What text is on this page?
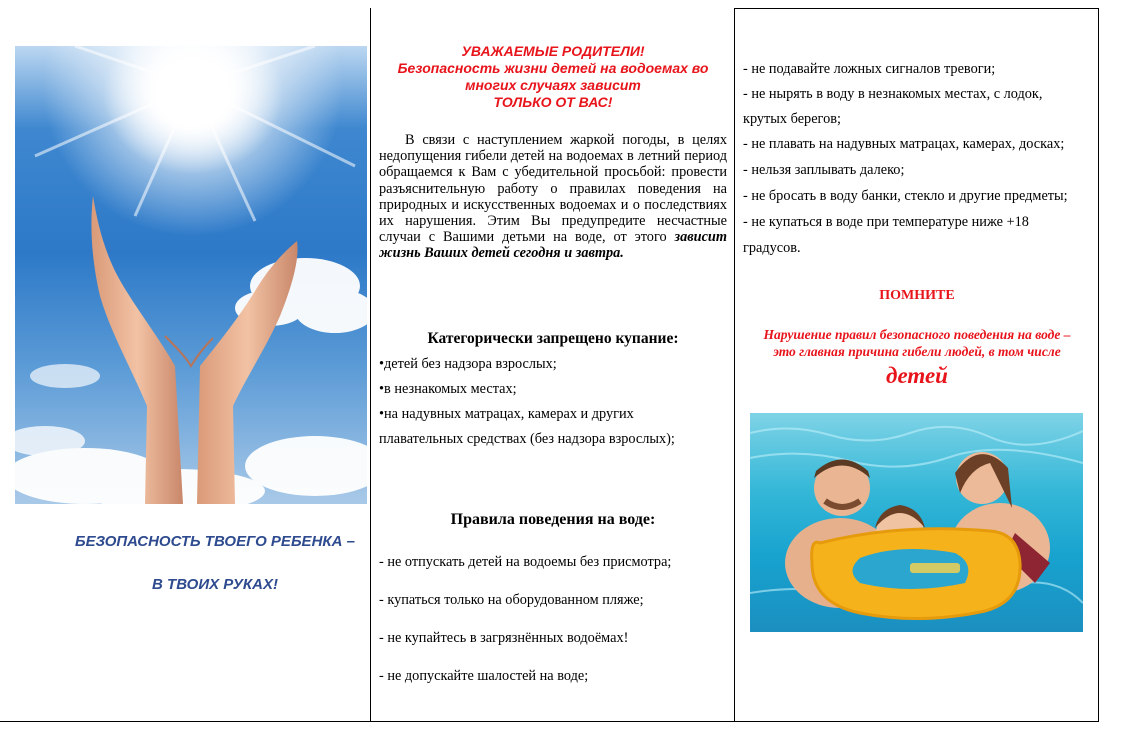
БЕЗОПАСНОСТЬ ТВОЕГО РЕБЕНКА –
В ТВОИХ РУКАХ!
УВАЖАЕМЫЕ РОДИТЕЛИ!
Безопасность жизни детей на водоемах во
многих случаях зависит
ТОЛЬКО ОТ ВАС!
В связи с наступлением жаркой погоды, в целях недопущения гибели детей на водоемах в летний период обращаемся к Вам с убедительной просьбой: провести разъяснительную работу о правилах поведения на природных и искусственных водоемах и о последствиях их нарушения. Этим Вы предупредите несчастные случаи с Вашими детьми на воде, от этого зависит жизнь Ваших детей сегодня и завтра.
Категорически запрещено купание:
•детей без надзора взрослых;
•в незнакомых местах;
•на надувных матрацах, камерах и других
плавательных средствах (без надзора взрослых);
Правила поведения на воде:
- не отпускать детей на водоемы без присмотра;
- купаться только на оборудованном пляже;
- не купайтесь в загрязнённых водоёмах!
- не допускайте шалостей на воде;
- не подавайте ложных сигналов тревоги;
- не нырять в воду в незнакомых местах, с лодок,
крутых берегов;
- не плавать на надувных матрацах, камерах, досках;
- нельзя заплывать далеко;
- не бросать в воду банки, стекло и другие предметы;
- не купаться в воде при температуре ниже +18
градусов.
ПОМНИТЕ
Нарушение правил безопасного поведения на воде –
это главная причина гибели людей, в том числе
детей
